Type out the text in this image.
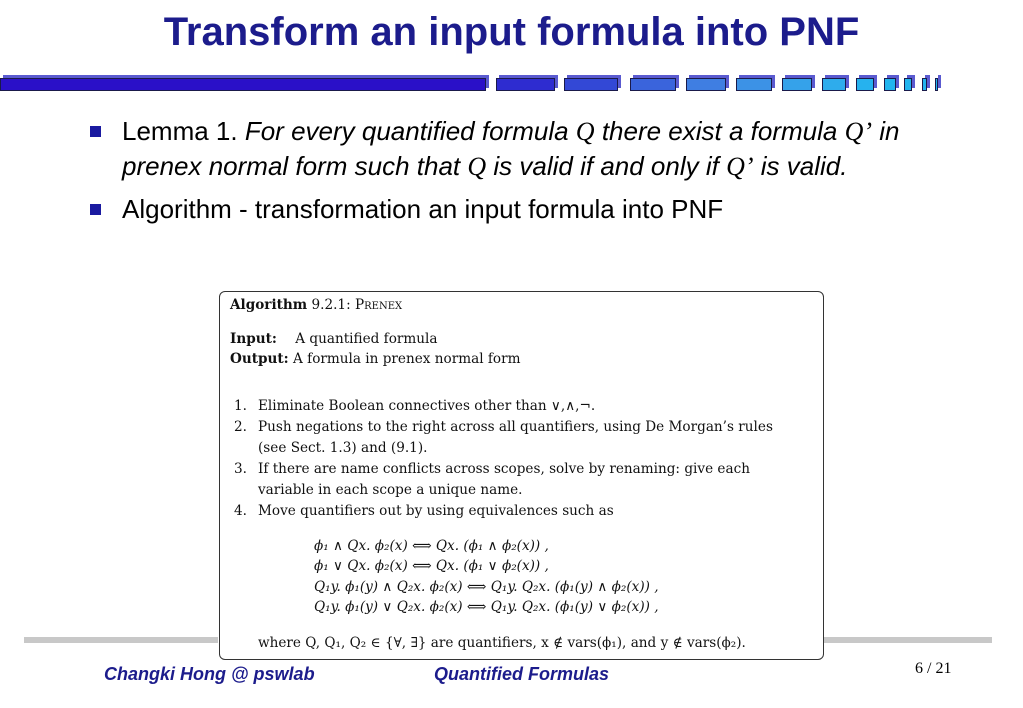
Transform an input formula into PNF
Lemma 1. For every quantified formula Q there exist a formula Q’ in prenex normal form such that Q is valid if and only if Q’ is valid.
Algorithm - transformation an input formula into PNF
Algorithm 9.2.1: Prenex
Input: A quantified formula
Output: A formula in prenex normal form
1. Eliminate Boolean connectives other than ∨,∧,¬.
2. Push negations to the right across all quantifiers, using De Morgan’s rules
(see Sect. 1.3) and (9.1).
3. If there are name conflicts across scopes, solve by renaming: give each
variable in each scope a unique name.
4. Move quantifiers out by using equivalences such as
ϕ₁ ∧ Qx. ϕ₂(x) ⟺ Qx. (ϕ₁ ∧ ϕ₂(x)) ,
ϕ₁ ∨ Qx. ϕ₂(x) ⟺ Qx. (ϕ₁ ∨ ϕ₂(x)) ,
Q₁y. ϕ₁(y) ∧ Q₂x. ϕ₂(x) ⟺ Q₁y. Q₂x. (ϕ₁(y) ∧ ϕ₂(x)) ,
Q₁y. ϕ₁(y) ∨ Q₂x. ϕ₂(x) ⟺ Q₁y. Q₂x. (ϕ₁(y) ∨ ϕ₂(x)) ,
where Q, Q₁, Q₂ ∈ {∀, ∃} are quantifiers, x ∉ vars(ϕ₁), and y ∉ vars(ϕ₂).
Changki Hong @ pswlab	Quantified Formulas	6 / 21
